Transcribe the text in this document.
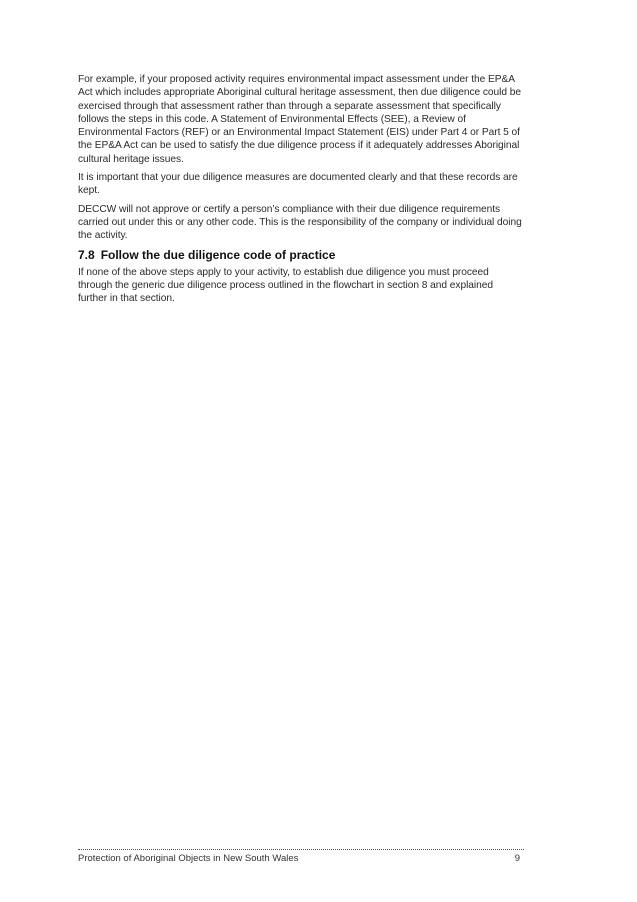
For example, if your proposed activity requires environmental impact assessment under the EP&A Act which includes appropriate Aboriginal cultural heritage assessment, then due diligence could be exercised through that assessment rather than through a separate assessment that specifically follows the steps in this code. A Statement of Environmental Effects (SEE), a Review of Environmental Factors (REF) or an Environmental Impact Statement (EIS) under Part 4 or Part 5 of the EP&A Act can be used to satisfy the due diligence process if it adequately addresses Aboriginal cultural heritage issues.

It is important that your due diligence measures are documented clearly and that these records are kept.

DECCW will not approve or certify a person’s compliance with their due diligence requirements carried out under this or any other code. This is the responsibility of the company or individual doing the activity.

7.8 Follow the due diligence code of practice

If none of the above steps apply to your activity, to establish due diligence you must proceed through the generic due diligence process outlined in the flowchart in section 8 and explained further in that section.

Protection of Aboriginal Objects in New South Wales	9
